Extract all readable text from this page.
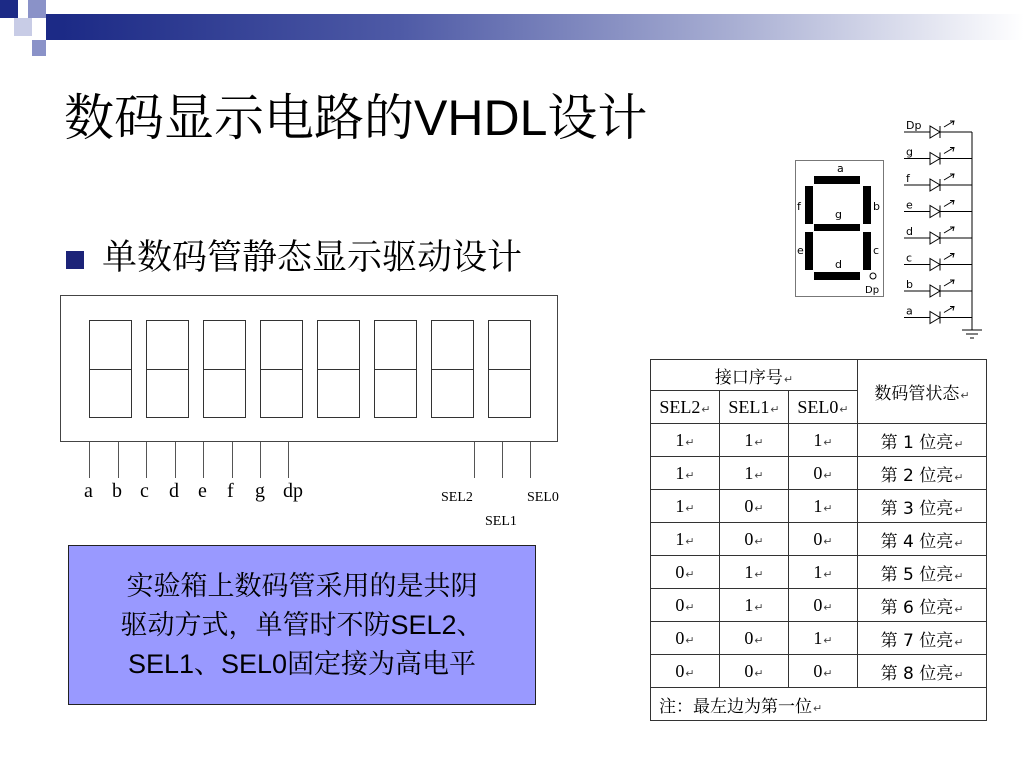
数码显示电路的VHDL设计
单数码管静态显示驱动设计
a b c d e f g dp	SEL2
SEL1
SEL0
实验箱上数码管采用的是共阴
驱动方式，单管时不防SEL2、
SEL1、SEL0固定接为高电平
a
b
c
d
e
f
g
Dp
Dp
g
f
e
d
c
b
a
接口序号↵			数码管状态↵
SEL2↵	SEL1↵	SEL0↵	
1↵	1↵	1↵	第 1 位亮↵
1↵	1↵	0↵	第 2 位亮↵
1↵	0↵	1↵	第 3 位亮↵
1↵	0↵	0↵	第 4 位亮↵
0↵	1↵	1↵	第 5 位亮↵
0↵	1↵	0↵	第 6 位亮↵
0↵	0↵	1↵	第 7 位亮↵
0↵	0↵	0↵	第 8 位亮↵
注：最左边为第一位↵			
